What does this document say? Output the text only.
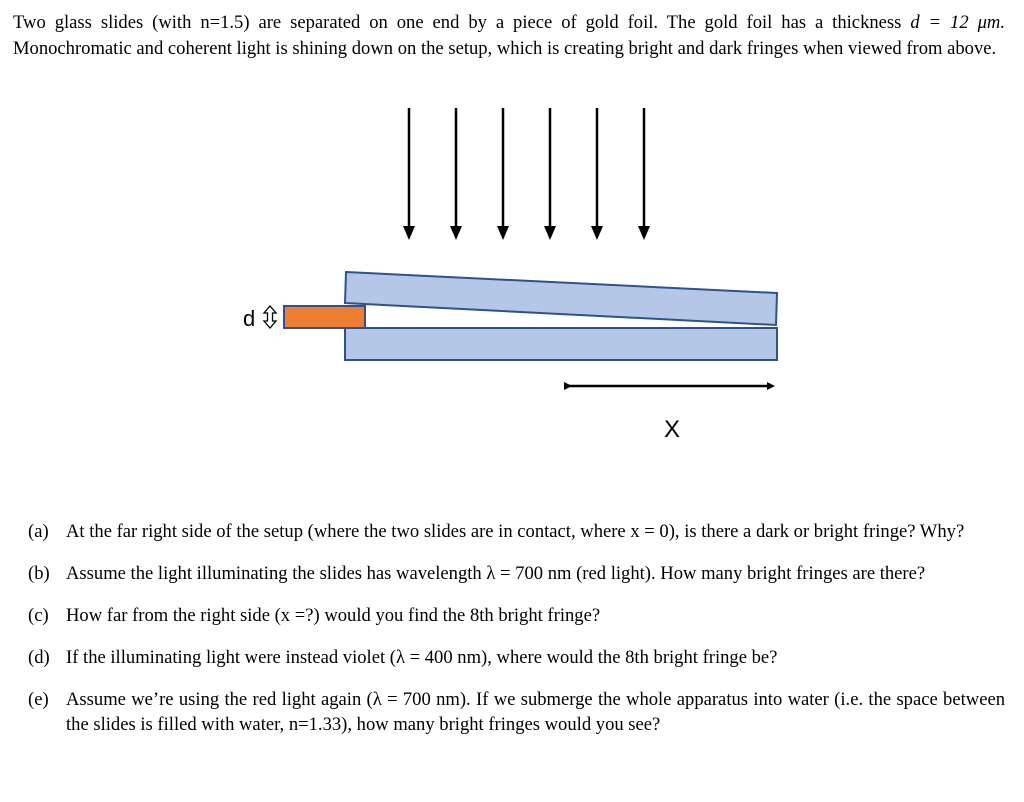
Two glass slides (with n=1.5) are separated on one end by a piece of gold foil. The gold foil has a thickness d = 12 μm. Monochromatic and coherent light is shining down on the setup, which is creating bright and dark fringes when viewed from above.
d
X
(a) At the far right side of the setup (where the two slides are in contact, where x = 0), is there a dark or bright fringe? Why?
(b) Assume the light illuminating the slides has wavelength λ = 700 nm (red light). How many bright fringes are there?
(c) How far from the right side (x =?) would you find the 8th bright fringe?
(d) If the illuminating light were instead violet (λ = 400 nm), where would the 8th bright fringe be?
(e) Assume we’re using the red light again (λ = 700 nm). If we submerge the whole apparatus into water (i.e. the space between the slides is filled with water, n=1.33), how many bright fringes would you see?
